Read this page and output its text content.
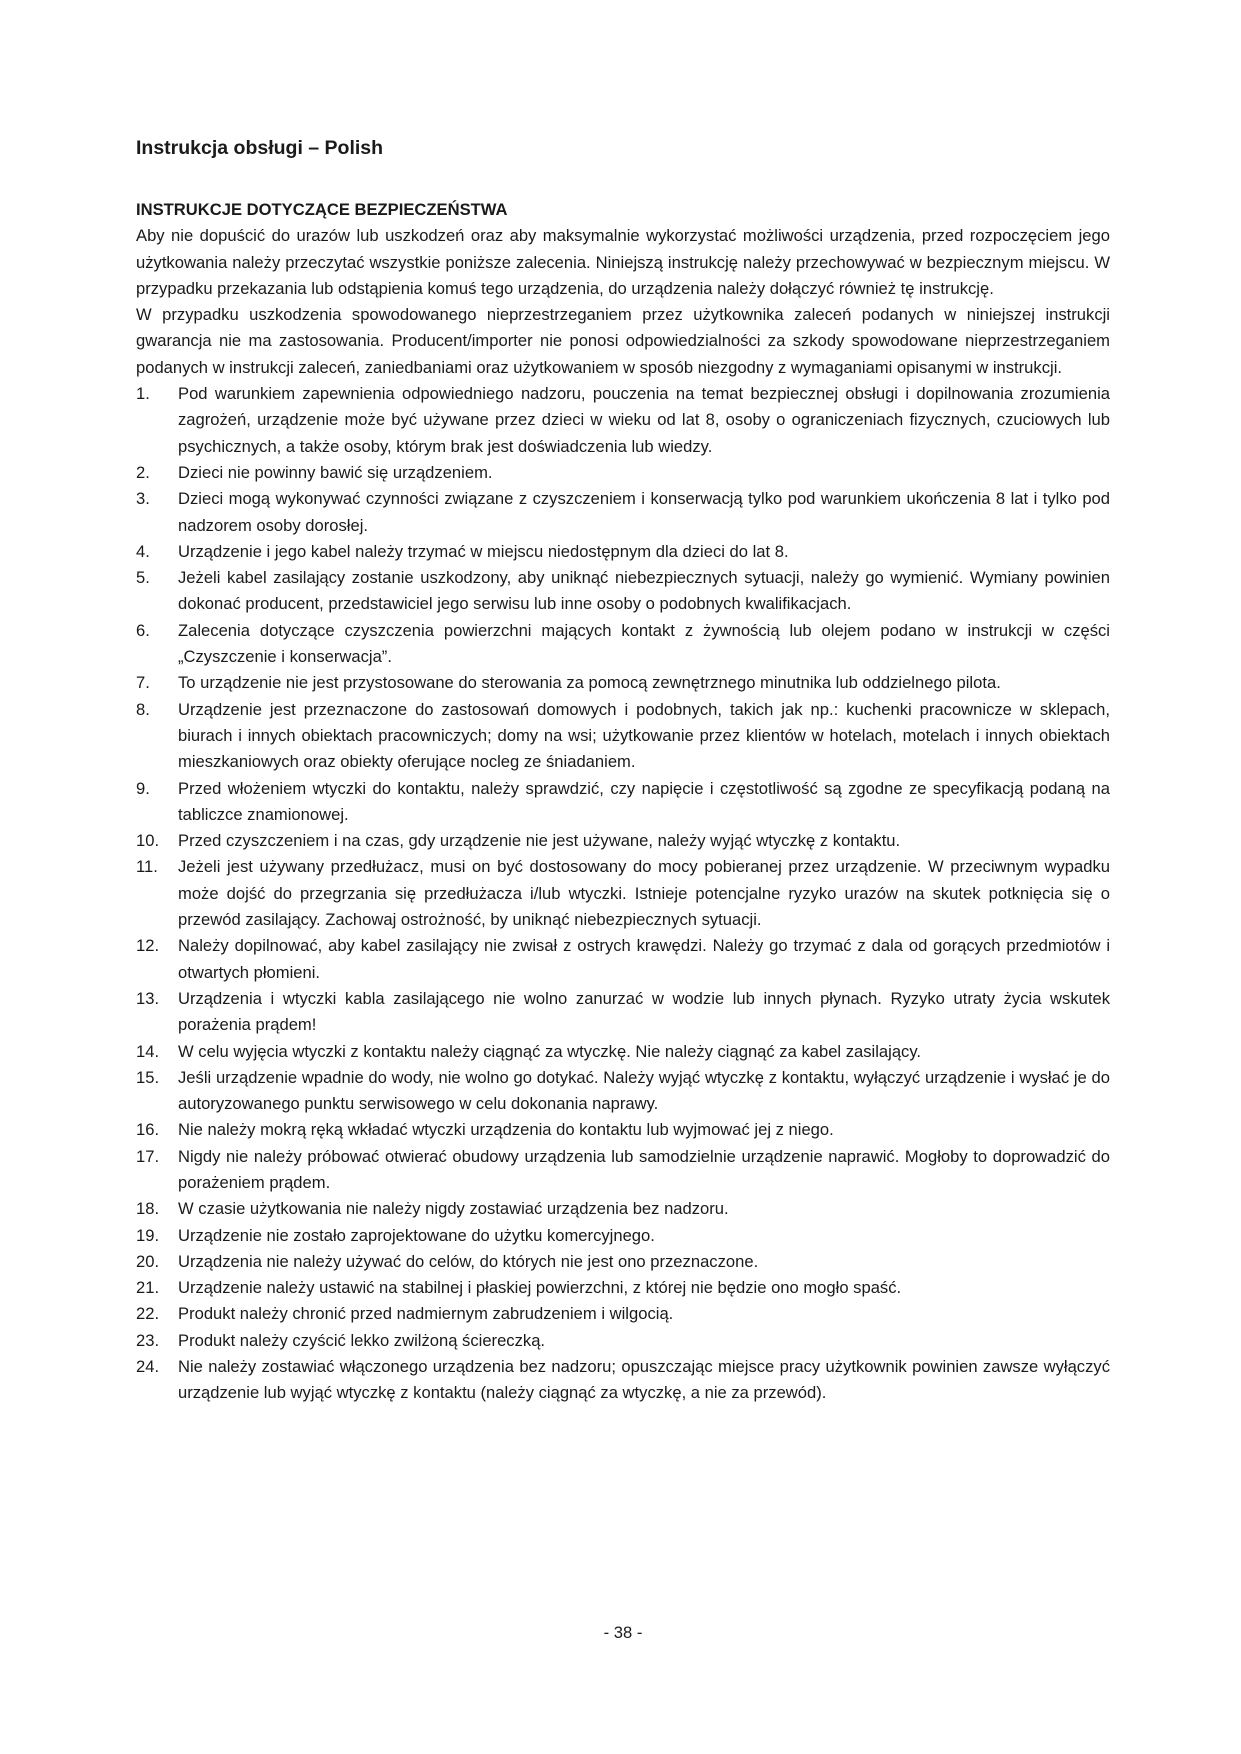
Instrukcja obsługi – Polish
INSTRUKCJE DOTYCZĄCE BEZPIECZEŃSTWA

Aby nie dopuścić do urazów lub uszkodzeń oraz aby maksymalnie wykorzystać możliwości urządzenia, przed rozpoczęciem jego użytkowania należy przeczytać wszystkie poniższe zalecenia. Niniejszą instrukcję należy przechowywać w bezpiecznym miejscu. W przypadku przekazania lub odstąpienia komuś tego urządzenia, do urządzenia należy dołączyć również tę instrukcję.

W przypadku uszkodzenia spowodowanego nieprzestrzeganiem przez użytkownika zaleceń podanych w niniejszej instrukcji gwarancja nie ma zastosowania. Producent/importer nie ponosi odpowiedzialności za szkody spowodowane nieprzestrzeganiem podanych w instrukcji zaleceń, zaniedbaniami oraz użytkowaniem w sposób niezgodny z wymaganiami opisanymi w instrukcji.

1.	Pod warunkiem zapewnienia odpowiedniego nadzoru, pouczenia na temat bezpiecznej obsługi i dopilnowania zrozumienia zagrożeń, urządzenie może być używane przez dzieci w wieku od lat 8, osoby o ograniczeniach fizycznych, czuciowych lub psychicznych, a także osoby, którym brak jest doświadczenia lub wiedzy.
2.	Dzieci nie powinny bawić się urządzeniem.
3.	Dzieci mogą wykonywać czynności związane z czyszczeniem i konserwacją tylko pod warunkiem ukończenia 8 lat i tylko pod nadzorem osoby dorosłej.
4.	Urządzenie i jego kabel należy trzymać w miejscu niedostępnym dla dzieci do lat 8.
5.	Jeżeli kabel zasilający zostanie uszkodzony, aby uniknąć niebezpiecznych sytuacji, należy go wymienić. Wymiany powinien dokonać producent, przedstawiciel jego serwisu lub inne osoby o podobnych kwalifikacjach.
6.	Zalecenia dotyczące czyszczenia powierzchni mających kontakt z żywnością lub olejem podano w instrukcji w części „Czyszczenie i konserwacja”.
7.	To urządzenie nie jest przystosowane do sterowania za pomocą zewnętrznego minutnika lub oddzielnego pilota.
8.	Urządzenie jest przeznaczone do zastosowań domowych i podobnych, takich jak np.: kuchenki pracownicze w sklepach, biurach i innych obiektach pracowniczych; domy na wsi; użytkowanie przez klientów w hotelach, motelach i innych obiektach mieszkaniowych oraz obiekty oferujące nocleg ze śniadaniem.
9.	Przed włożeniem wtyczki do kontaktu, należy sprawdzić, czy napięcie i częstotliwość są zgodne ze specyfikacją podaną na tabliczce znamionowej.
10.	Przed czyszczeniem i na czas, gdy urządzenie nie jest używane, należy wyjąć wtyczkę z kontaktu.
11.	Jeżeli jest używany przedłużacz, musi on być dostosowany do mocy pobieranej przez urządzenie. W przeciwnym wypadku może dojść do przegrzania się przedłużacza i/lub wtyczki. Istnieje potencjalne ryzyko urazów na skutek potknięcia się o przewód zasilający. Zachowaj ostrożność, by uniknąć niebezpiecznych sytuacji.
12.	Należy dopilnować, aby kabel zasilający nie zwisał z ostrych krawędzi. Należy go trzymać z dala od gorących przedmiotów i otwartych płomieni.
13.	Urządzenia i wtyczki kabla zasilającego nie wolno zanurzać w wodzie lub innych płynach. Ryzyko utraty życia wskutek porażenia prądem!
14.	W celu wyjęcia wtyczki z kontaktu należy ciągnąć za wtyczkę. Nie należy ciągnąć za kabel zasilający.
15.	Jeśli urządzenie wpadnie do wody, nie wolno go dotykać. Należy wyjąć wtyczkę z kontaktu, wyłączyć urządzenie i wysłać je do autoryzowanego punktu serwisowego w celu dokonania naprawy.
16.	Nie należy mokrą ręką wkładać wtyczki urządzenia do kontaktu lub wyjmować jej z niego.
17.	Nigdy nie należy próbować otwierać obudowy urządzenia lub samodzielnie urządzenie naprawić. Mogłoby to doprowadzić do porażeniem prądem.
18.	W czasie użytkowania nie należy nigdy zostawiać urządzenia bez nadzoru.
19.	Urządzenie nie zostało zaprojektowane do użytku komercyjnego.
20.	Urządzenia nie należy używać do celów, do których nie jest ono przeznaczone.
21.	Urządzenie należy ustawić na stabilnej i płaskiej powierzchni, z której nie będzie ono mogło spaść.
22.	Produkt należy chronić przed nadmiernym zabrudzeniem i wilgocią.
23.	Produkt należy czyścić lekko zwilżoną ściereczką.
24.	Nie należy zostawiać włączonego urządzenia bez nadzoru; opuszczając miejsce pracy użytkownik powinien zawsze wyłączyć urządzenie lub wyjąć wtyczkę z kontaktu (należy ciągnąć za wtyczkę, a nie za przewód).
- 38 -
